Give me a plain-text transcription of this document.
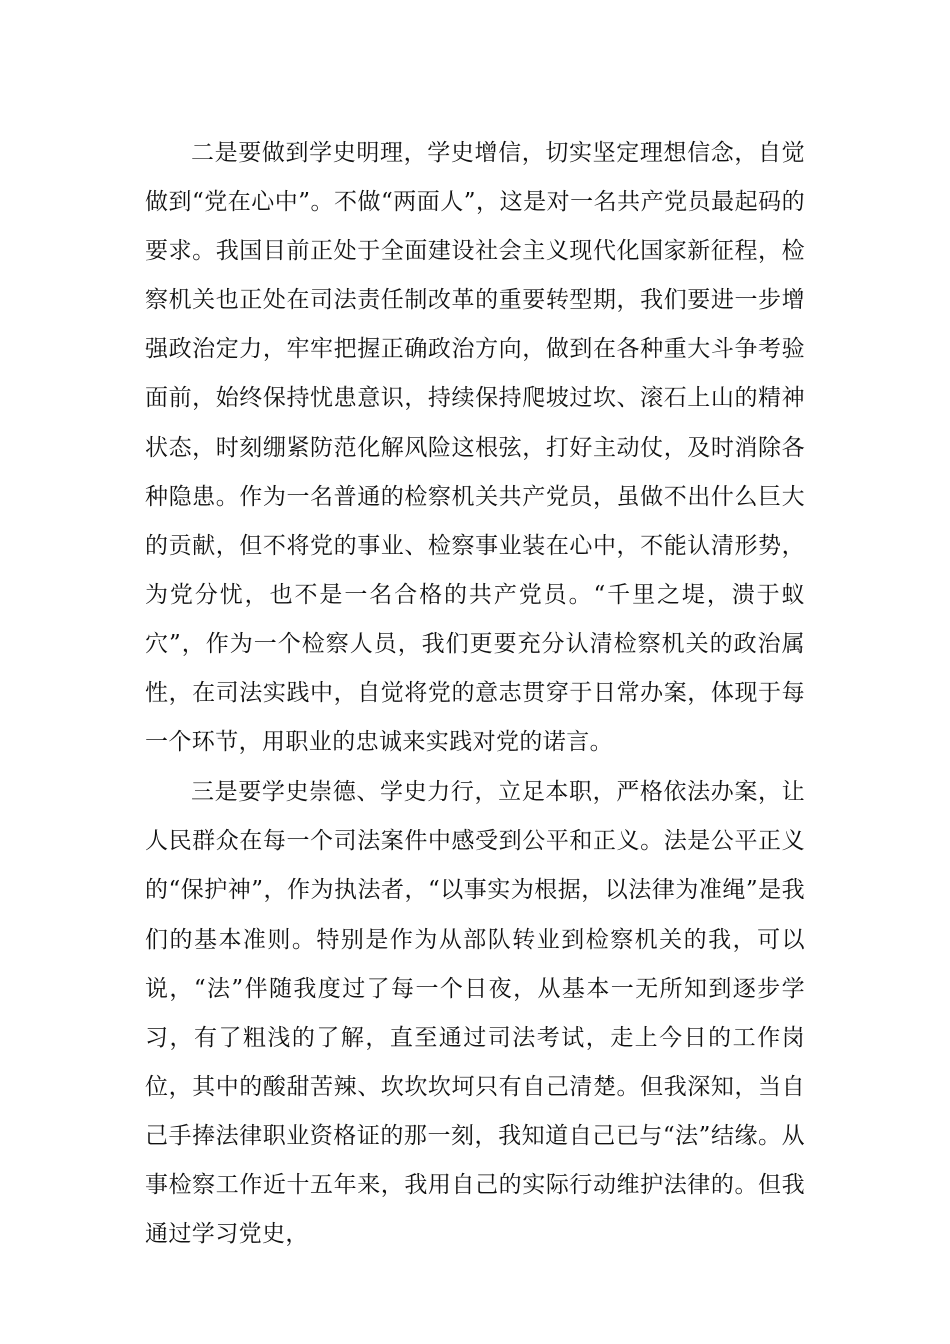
二是要做到学史明理，学史增信，切实坚定理想信念，自觉做到“党在心中”。不做“两面人”，这是对一名共产党员最起码的要求。我国目前正处于全面建设社会主义现代化国家新征程，检察机关也正处在司法责任制改革的重要转型期，我们要进一步增强政治定力，牢牢把握正确政治方向，做到在各种重大斗争考验面前，始终保持忧患意识，持续保持爬坡过坎、滚石上山的精神状态，时刻绷紧防范化解风险这根弦，打好主动仗，及时消除各种隐患。作为一名普通的检察机关共产党员，虽做不出什么巨大的贡献，但不将党的事业、检察事业装在心中，不能认清形势，为党分忧，也不是一名合格的共产党员。“千里之堤，溃于蚁穴”，作为一个检察人员，我们更要充分认清检察机关的政治属性，在司法实践中，自觉将党的意志贯穿于日常办案，体现于每一个环节，用职业的忠诚来实践对党的诺言。

三是要学史崇德、学史力行，立足本职，严格依法办案，让人民群众在每一个司法案件中感受到公平和正义。法是公平正义的“保护神”，作为执法者，“以事实为根据，以法律为准绳”是我们的基本准则。特别是作为从部队转业到检察机关的我，可以说，“法”伴随我度过了每一个日夜，从基本一无所知到逐步学习，有了粗浅的了解，直至通过司法考试，走上今日的工作岗位，其中的酸甜苦辣、坎坎坎坷只有自己清楚。但我深知，当自己手捧法律职业资格证的那一刻，我知道自己已与“法”结缘。从事检察工作近十五年来，我用自己的实际行动维护法律的。但我通过学习党史，
